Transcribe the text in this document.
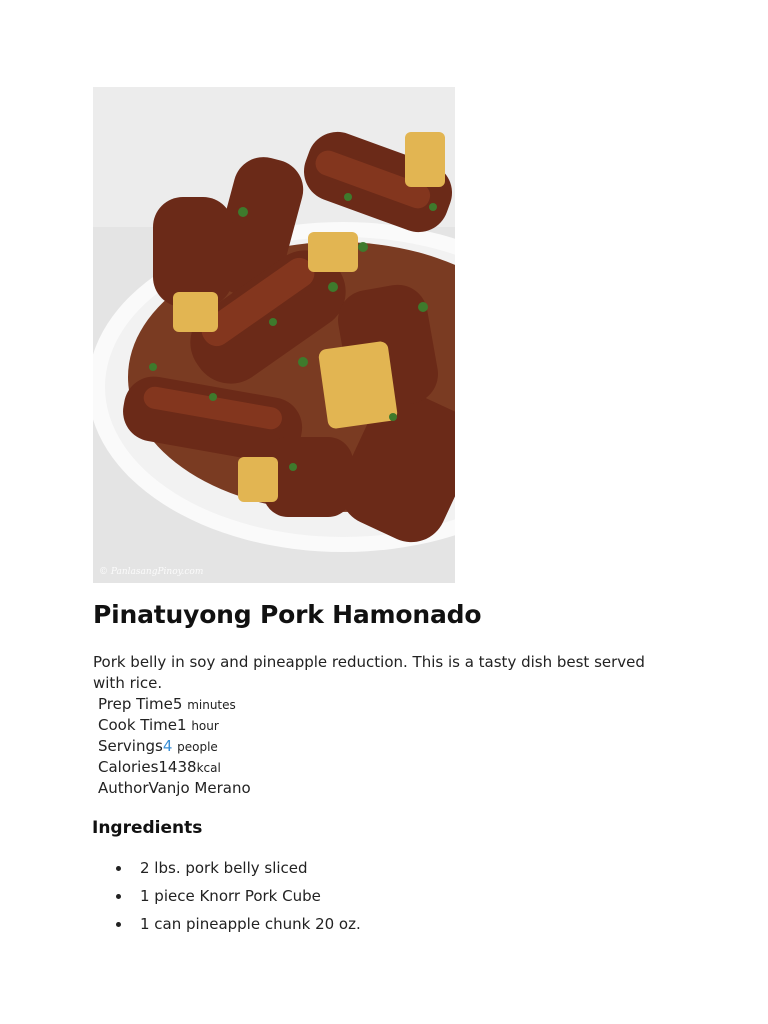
© PanlasangPinoy.com
Pinatuyong Pork Hamonado

Pork belly in soy and pineapple reduction. This is a tasty dish best served with rice.

Prep Time5 minutes
Cook Time1 hour
Servings4 people
Calories1438kcal
AuthorVanjo Merano
Ingredients
2 lbs. pork belly sliced
1 piece Knorr Pork Cube
1 can pineapple chunk 20 oz.
